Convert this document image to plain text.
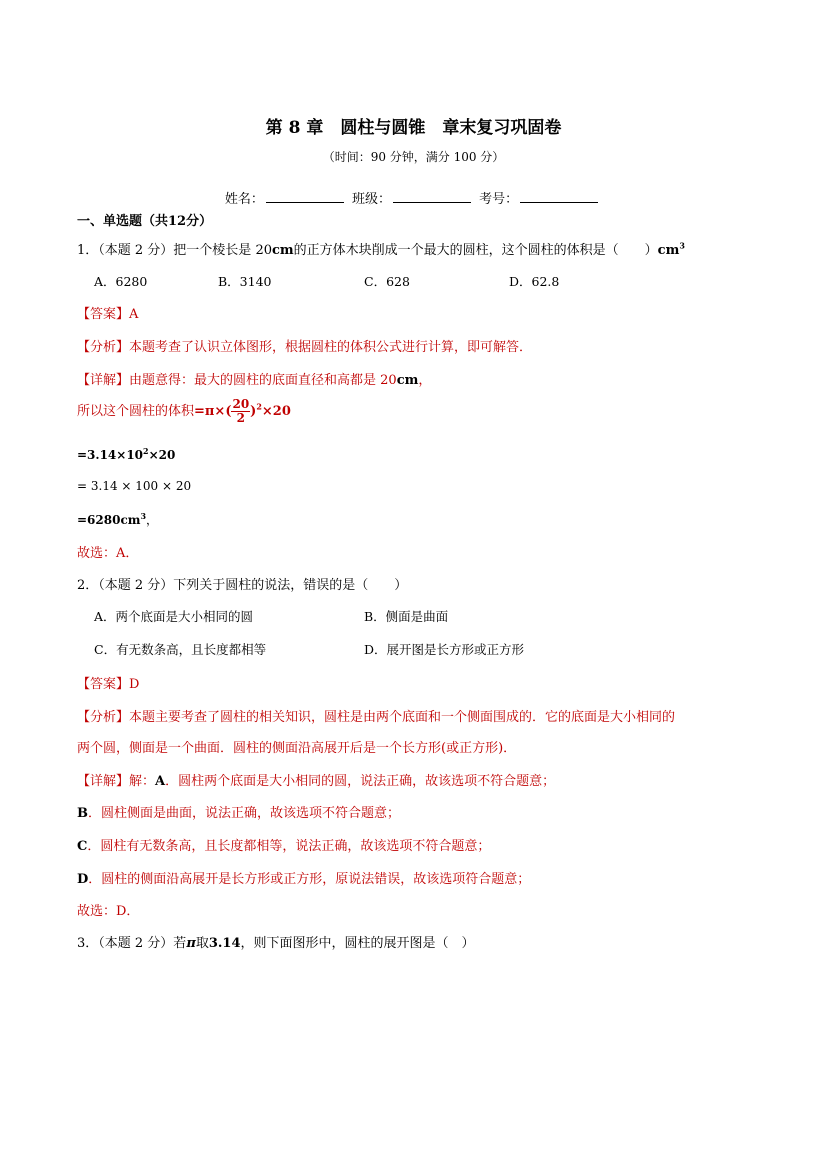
第 8 章　圆柱与圆锥　章末复习巩固卷
（时间：90 分钟，满分 100 分）
姓名：	班级：	考号：
一、单选题（共12分）
1．（本题 2 分）把一个棱长是 20cm的正方体木块削成一个最大的圆柱，这个圆柱的体积是（　　）$cm^3$
A．6280	B．3140	C．628	D．62.8
【答案】A
【分析】本题考查了认识立体图形，根据圆柱的体积公式进行计算，即可解答．
【详解】由题意得：最大的圆柱的底面直径和高都是 20cm，
所以这个圆柱的体积$=\pi\times( \frac{20}{2} )^2\times 20$
$=3.14\times 10^2\times 20$
= 3.14 × 100 × 20
$=6280cm^3$，
故选：A．
2．（本题 2 分）下列关于圆柱的说法，错误的是（　　）
A．两个底面是大小相同的圆	B．侧面是曲面
C．有无数条高，且长度都相等	D．展开图是长方形或正方形
【答案】D
【分析】本题主要考查了圆柱的相关知识，圆柱是由两个底面和一个侧面围成的．它的底面是大小相同的
两个圆，侧面是一个曲面．圆柱的侧面沿高展开后是一个长方形(或正方形)．
【详解】解：A．圆柱两个底面是大小相同的圆，说法正确，故该选项不符合题意；
B．圆柱侧面是曲面，说法正确，故该选项不符合题意；
C．圆柱有无数条高，且长度都相等，说法正确，故该选项不符合题意；
D．圆柱的侧面沿高展开是长方形或正方形，原说法错误，故该选项符合题意；
故选：D．
3．（本题 2 分）若π取3.14，则下面图形中，圆柱的展开图是（　）
